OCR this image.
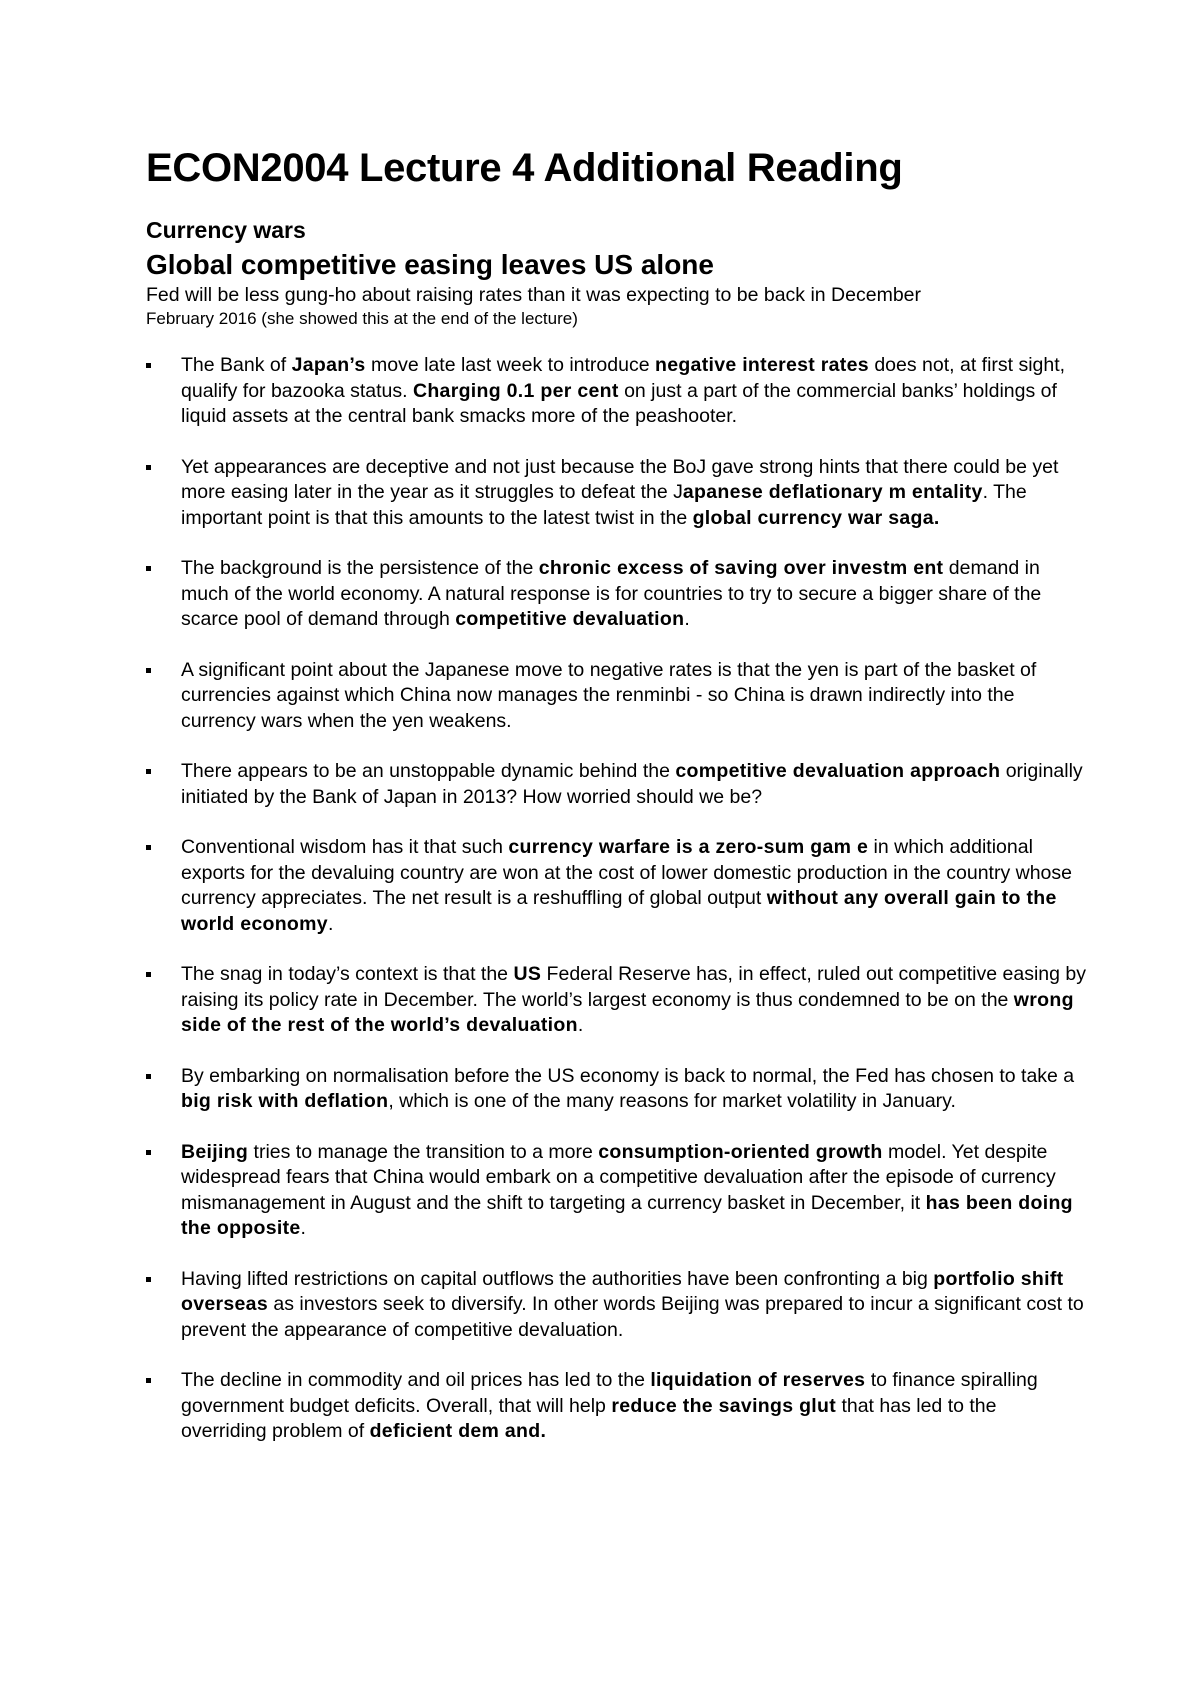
ECON2004 Lecture 4 Additional Reading
Currency wars
Global competitive easing leaves US alone

Fed will be less gung-ho about raising rates than it was expecting to be back in December

February 2016 (she showed this at the end of the lecture)

The Bank of Japan’s move late last week to introduce negative interest rates does not, at first sight, qualify for bazooka status. Charging 0.1 per cent on just a part of the commercial banks’ holdings of liquid assets at the central bank smacks more of the peashooter.
Yet appearances are deceptive and not just because the BoJ gave strong hints that there could be yet more easing later in the year as it struggles to defeat the Japanese deflationary m entality. The important point is that this amounts to the latest twist in the global currency war saga.
The background is the persistence of the chronic excess of saving over investm ent demand in much of the world economy. A natural response is for countries to try to secure a bigger share of the scarce pool of demand through competitive devaluation.
A significant point about the Japanese move to negative rates is that the yen is part of the basket of currencies against which China now manages the renminbi - so China is drawn indirectly into the currency wars when the yen weakens.
There appears to be an unstoppable dynamic behind the competitive devaluation approach originally initiated by the Bank of Japan in 2013? How worried should we be?
Conventional wisdom has it that such currency warfare is a zero-sum gam e in which additional exports for the devaluing country are won at the cost of lower domestic production in the country whose currency appreciates. The net result is a reshuffling of global output without any overall gain to the world economy.
The snag in today’s context is that the US Federal Reserve has, in effect, ruled out competitive easing by raising its policy rate in December. The world’s largest economy is thus condemned to be on the wrong side of the rest of the world’s devaluation.
By embarking on normalisation before the US economy is back to normal, the Fed has chosen to take a big risk with deflation, which is one of the many reasons for market volatility in January.
Beijing tries to manage the transition to a more consumption-oriented growth model. Yet despite widespread fears that China would embark on a competitive devaluation after the episode of currency mismanagement in August and the shift to targeting a currency basket in December, it has been doing the opposite.
Having lifted restrictions on capital outflows the authorities have been confronting a big portfolio shift overseas as investors seek to diversify. In other words Beijing was prepared to incur a significant cost to prevent the appearance of competitive devaluation.
The decline in commodity and oil prices has led to the liquidation of reserves to finance spiralling government budget deficits. Overall, that will help reduce the savings glut that has led to the overriding problem of deficient dem and.
